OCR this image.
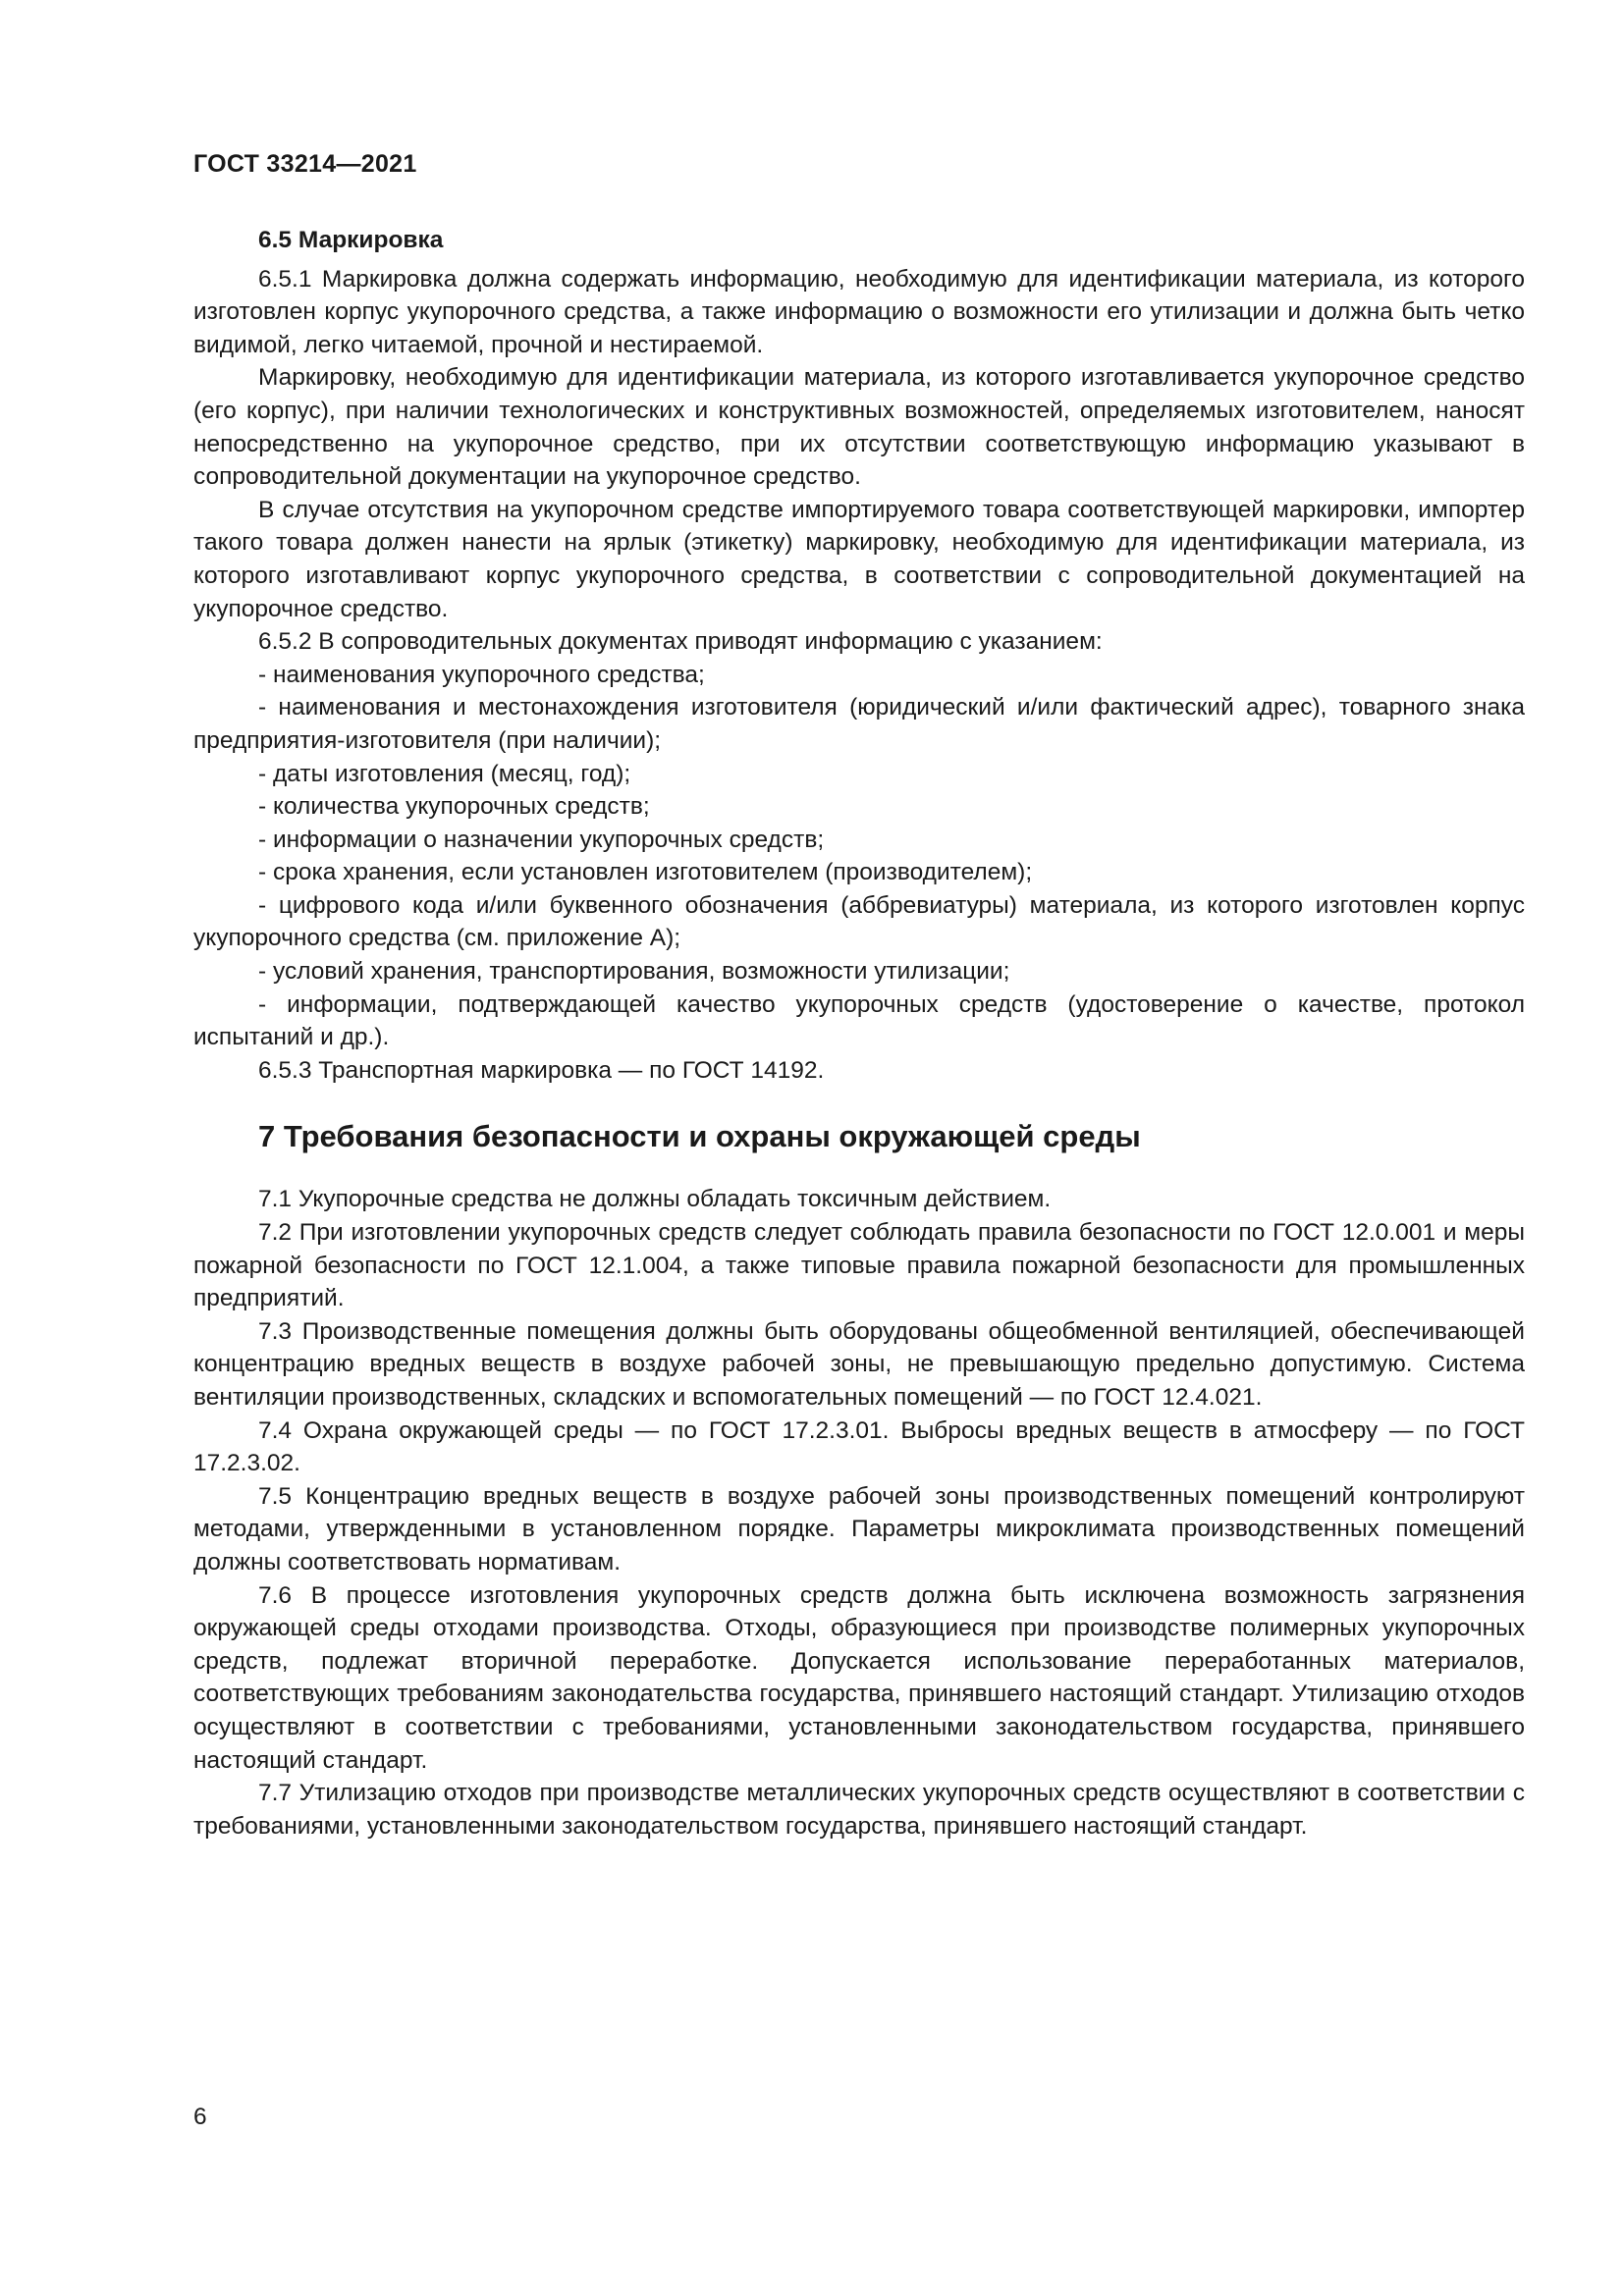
ГОСТ 33214—2021
6.5 Маркировка

6.5.1 Маркировка должна содержать информацию, необходимую для идентификации материала, из которого изготовлен корпус укупорочного средства, а также информацию о возможности его утилизации и должна быть четко видимой, легко читаемой, прочной и нестираемой.

Маркировку, необходимую для идентификации материала, из которого изготавливается укупорочное средство (его корпус), при наличии технологических и конструктивных возможностей, определяемых изготовителем, наносят непосредственно на укупорочное средство, при их отсутствии соответствующую информацию указывают в сопроводительной документации на укупорочное средство.

В случае отсутствия на укупорочном средстве импортируемого товара соответствующей маркировки, импортер такого товара должен нанести на ярлык (этикетку) маркировку, необходимую для идентификации материала, из которого изготавливают корпус укупорочного средства, в соответствии с сопроводительной документацией на укупорочное средство.

6.5.2 В сопроводительных документах приводят информацию с указанием:

- наименования укупорочного средства;

- наименования и местонахождения изготовителя (юридический и/или фактический адрес), товарного знака предприятия-изготовителя (при наличии);

- даты изготовления (месяц, год);

- количества укупорочных средств;

- информации о назначении укупорочных средств;

- срока хранения, если установлен изготовителем (производителем);

- цифрового кода и/или буквенного обозначения (аббревиатуры) материала, из которого изготовлен корпус укупорочного средства (см. приложение А);

- условий хранения, транспортирования, возможности утилизации;

- информации, подтверждающей качество укупорочных средств (удостоверение о качестве, протокол испытаний и др.).

6.5.3 Транспортная маркировка — по ГОСТ 14192.

7 Требования безопасности и охраны окружающей среды

7.1 Укупорочные средства не должны обладать токсичным действием.

7.2 При изготовлении укупорочных средств следует соблюдать правила безопасности по ГОСТ 12.0.001 и меры пожарной безопасности по ГОСТ 12.1.004, а также типовые правила пожарной безопасности для промышленных предприятий.

7.3 Производственные помещения должны быть оборудованы общеобменной вентиляцией, обеспечивающей концентрацию вредных веществ в воздухе рабочей зоны, не превышающую предельно допустимую. Система вентиляции производственных, складских и вспомогательных помещений — по ГОСТ 12.4.021.

7.4 Охрана окружающей среды — по ГОСТ 17.2.3.01. Выбросы вредных веществ в атмосферу — по ГОСТ 17.2.3.02.

7.5 Концентрацию вредных веществ в воздухе рабочей зоны производственных помещений контролируют методами, утвержденными в установленном порядке. Параметры микроклимата производственных помещений должны соответствовать нормативам.

7.6 В процессе изготовления укупорочных средств должна быть исключена возможность загрязнения окружающей среды отходами производства. Отходы, образующиеся при производстве полимерных укупорочных средств, подлежат вторичной переработке. Допускается использование переработанных материалов, соответствующих требованиям законодательства государства, принявшего настоящий стандарт. Утилизацию отходов осуществляют в соответствии с требованиями, установленными законодательством государства, принявшего настоящий стандарт.

7.7 Утилизацию отходов при производстве металлических укупорочных средств осуществляют в соответствии с требованиями, установленными законодательством государства, принявшего настоящий стандарт.

6
